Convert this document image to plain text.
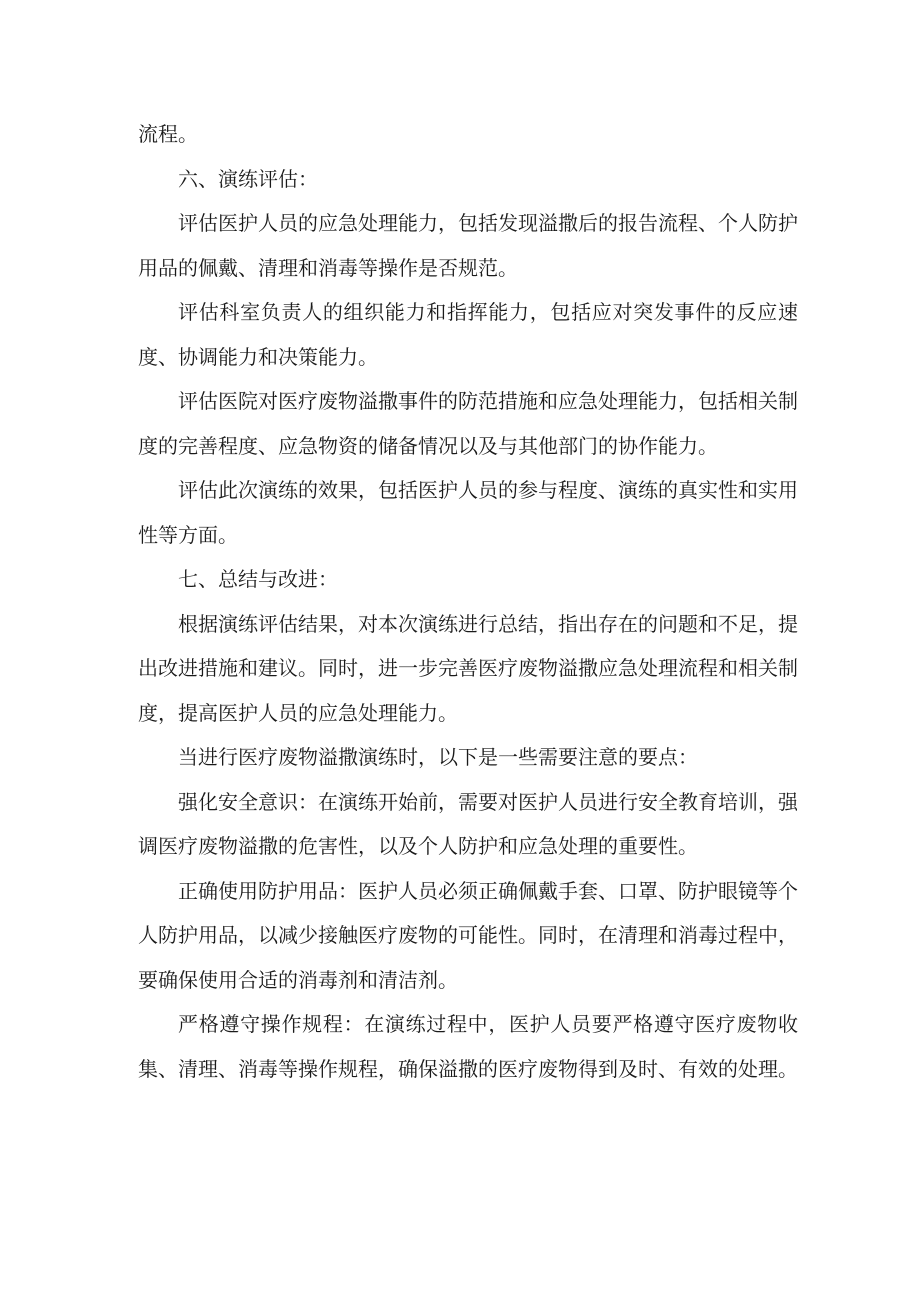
流程。

六、演练评估：

评估医护人员的应急处理能力，包括发现溢撒后的报告流程、个人防护用品的佩戴、清理和消毒等操作是否规范。

评估科室负责人的组织能力和指挥能力，包括应对突发事件的反应速度、协调能力和决策能力。

评估医院对医疗废物溢撒事件的防范措施和应急处理能力，包括相关制度的完善程度、应急物资的储备情况以及与其他部门的协作能力。

评估此次演练的效果，包括医护人员的参与程度、演练的真实性和实用性等方面。

七、总结与改进：

根据演练评估结果，对本次演练进行总结，指出存在的问题和不足，提出改进措施和建议。同时，进一步完善医疗废物溢撒应急处理流程和相关制度，提高医护人员的应急处理能力。

当进行医疗废物溢撒演练时，以下是一些需要注意的要点：

强化安全意识：在演练开始前，需要对医护人员进行安全教育培训，强调医疗废物溢撒的危害性，以及个人防护和应急处理的重要性。

正确使用防护用品：医护人员必须正确佩戴手套、口罩、防护眼镜等个人防护用品，以减少接触医疗废物的可能性。同时，在清理和消毒过程中，要确保使用合适的消毒剂和清洁剂。

严格遵守操作规程：在演练过程中，医护人员要严格遵守医疗废物收集、清理、消毒等操作规程，确保溢撒的医疗废物得到及时、有效的处理。
